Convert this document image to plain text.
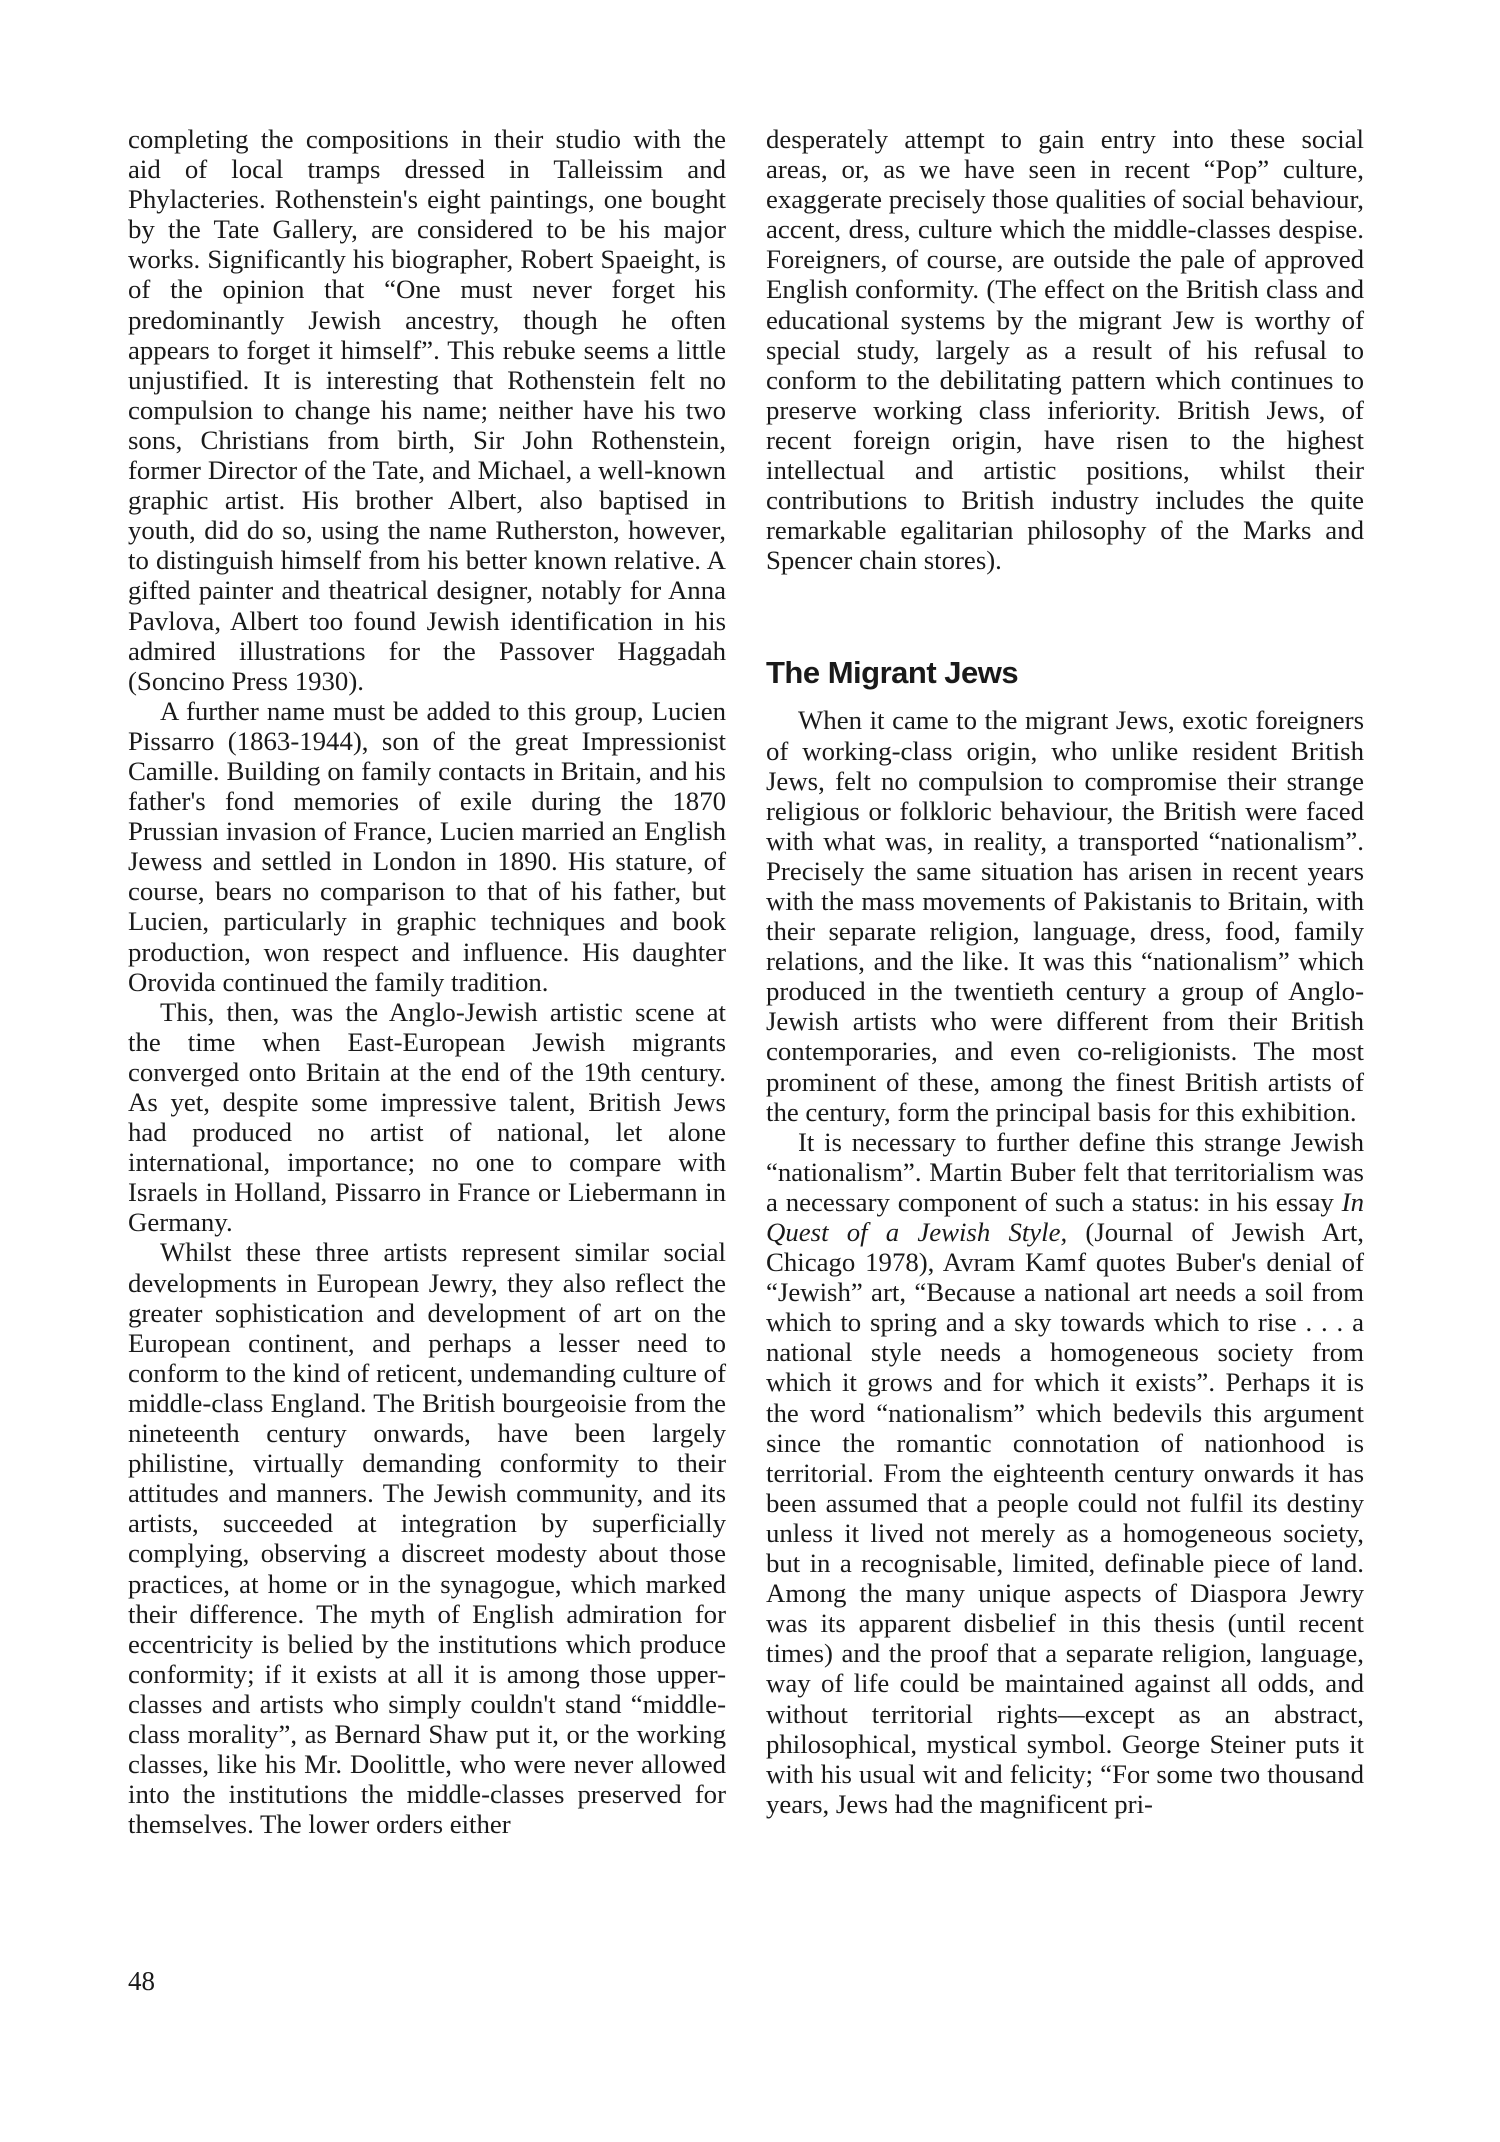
completing the compositions in their studio with the aid of local tramps dressed in Talleissim and Phylacteries. Rothenstein's eight paintings, one bought by the Tate Gallery, are considered to be his major works. Significantly his biographer, Robert Spaeight, is of the opinion that “One must never forget his predominantly Jewish ancestry, though he often appears to forget it himself”. This rebuke seems a little unjustified. It is interesting that Rothenstein felt no compulsion to change his name; neither have his two sons, Christians from birth, Sir John Rothenstein, former Director of the Tate, and Michael, a well-known graphic artist. His brother Albert, also baptised in youth, did do so, using the name Rutherston, however, to distinguish himself from his better known relative. A gifted painter and theatrical designer, notably for Anna Pavlova, Albert too found Jewish identification in his admired illustrations for the Passover Haggadah (Soncino Press 1930).

A further name must be added to this group, Lucien Pissarro (1863-1944), son of the great Impressionist Camille. Building on family contacts in Britain, and his father's fond memories of exile during the 1870 Prussian invasion of France, Lucien married an English Jewess and settled in London in 1890. His stature, of course, bears no comparison to that of his father, but Lucien, particularly in graphic techniques and book production, won respect and influence. His daughter Orovida continued the family tradition.

This, then, was the Anglo-Jewish artistic scene at the time when East-European Jewish migrants converged onto Britain at the end of the 19th century. As yet, despite some impressive talent, British Jews had produced no artist of national, let alone international, importance; no one to compare with Israels in Holland, Pissarro in France or Liebermann in Germany.

Whilst these three artists represent similar social developments in European Jewry, they also reflect the greater sophistication and development of art on the European continent, and perhaps a lesser need to conform to the kind of reticent, undemanding culture of middle-class England. The British bourgeoisie from the nineteenth century onwards, have been largely philistine, virtually demanding conformity to their attitudes and manners. The Jewish community, and its artists, succeeded at integration by superficially complying, observing a discreet modesty about those practices, at home or in the synagogue, which marked their difference. The myth of English admiration for eccentricity is belied by the institutions which produce conformity; if it exists at all it is among those upper-classes and artists who simply couldn't stand “middle-class morality”, as Bernard Shaw put it, or the working classes, like his Mr. Doolittle, who were never allowed into the institutions the middle-classes preserved for themselves. The lower orders either

desperately attempt to gain entry into these social areas, or, as we have seen in recent “Pop” culture, exaggerate precisely those qualities of social behaviour, accent, dress, culture which the middle-classes despise. Foreigners, of course, are outside the pale of approved English conformity. (The effect on the British class and educational systems by the migrant Jew is worthy of special study, largely as a result of his refusal to conform to the debilitating pattern which continues to preserve working class inferiority. British Jews, of recent foreign origin, have risen to the highest intellectual and artistic positions, whilst their contributions to British industry includes the quite remarkable egalitarian philosophy of the Marks and Spencer chain stores).

The Migrant Jews

When it came to the migrant Jews, exotic foreigners of working-class origin, who unlike resident British Jews, felt no compulsion to compromise their strange religious or folkloric behaviour, the British were faced with what was, in reality, a transported “nationalism”. Precisely the same situation has arisen in recent years with the mass movements of Pakistanis to Britain, with their separate religion, language, dress, food, family relations, and the like. It was this “nationalism” which produced in the twentieth century a group of Anglo-Jewish artists who were different from their British contemporaries, and even co-religionists. The most prominent of these, among the finest British artists of the century, form the principal basis for this exhibition.

It is necessary to further define this strange Jewish “nationalism”. Martin Buber felt that territorialism was a necessary component of such a status: in his essay In Quest of a Jewish Style, (Journal of Jewish Art, Chicago 1978), Avram Kamf quotes Buber's denial of “Jewish” art, “Because a national art needs a soil from which to spring and a sky towards which to rise . . . a national style needs a homogeneous society from which it grows and for which it exists”. Perhaps it is the word “nationalism” which bedevils this argument since the romantic connotation of nationhood is territorial. From the eighteenth century onwards it has been assumed that a people could not fulfil its destiny unless it lived not merely as a homogeneous society, but in a recognisable, limited, definable piece of land. Among the many unique aspects of Diaspora Jewry was its apparent disbelief in this thesis (until recent times) and the proof that a separate religion, language, way of life could be maintained against all odds, and without territorial rights—except as an abstract, philosophical, mystical symbol. George Steiner puts it with his usual wit and felicity; “For some two thousand years, Jews had the magnificent pri-

48
